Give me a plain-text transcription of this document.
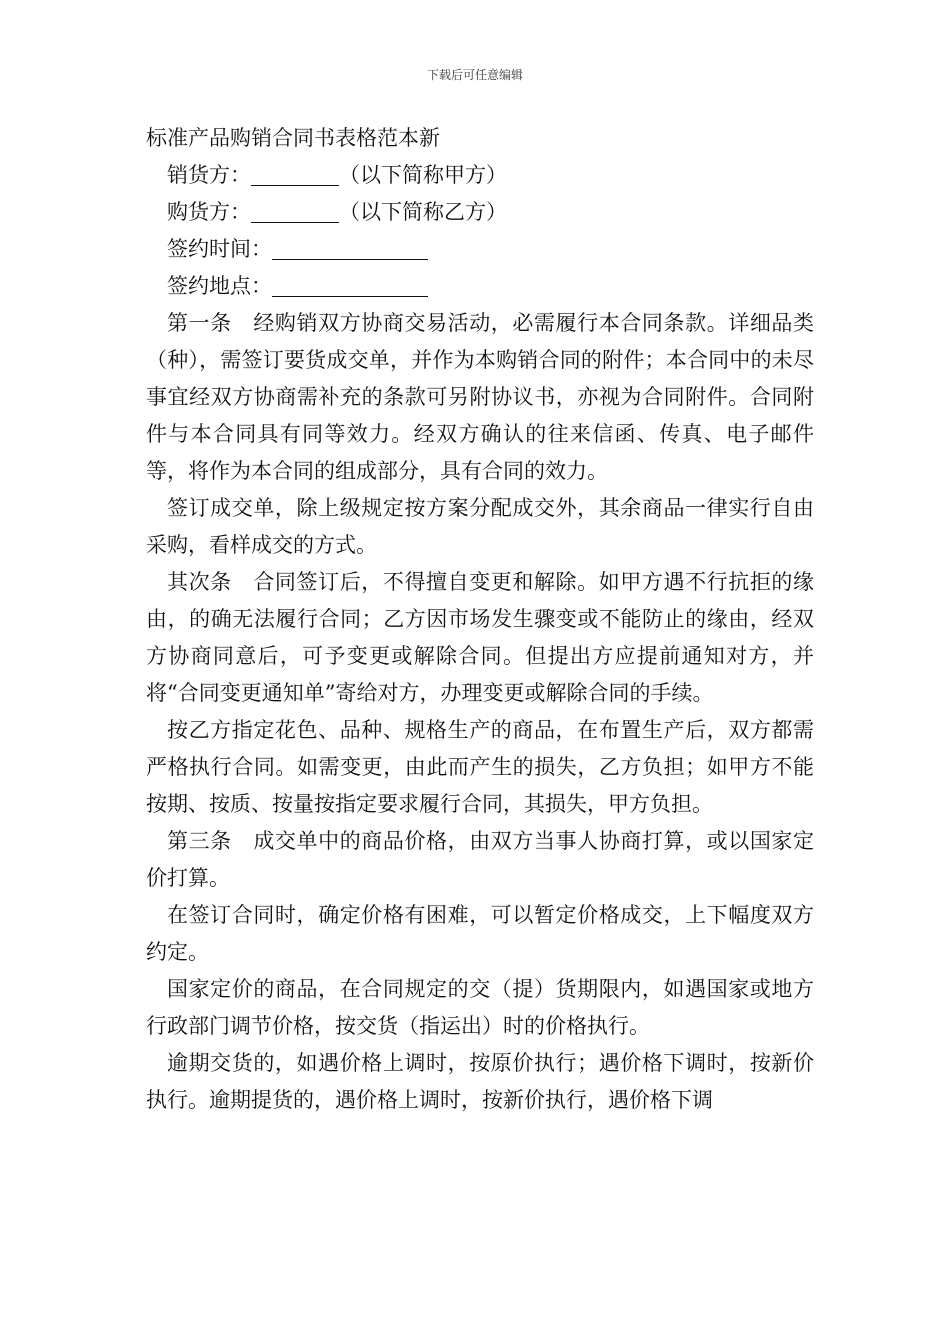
下载后可任意编辑
标准产品购销合同书表格范本新

销货方：	（以下简称甲方）

购货方：	（以下简称乙方）

签约时间：

签约地点：

第一条　经购销双方协商交易活动，必需履行本合同条款。详细品类（种），需签订要货成交单，并作为本购销合同的附件；本合同中的未尽事宜经双方协商需补充的条款可另附协议书，亦视为合同附件。合同附件与本合同具有同等效力。经双方确认的往来信函、传真、电子邮件等，将作为本合同的组成部分，具有合同的效力。

签订成交单，除上级规定按方案分配成交外，其余商品一律实行自由采购，看样成交的方式。

其次条　合同签订后，不得擅自变更和解除。如甲方遇不行抗拒的缘由，的确无法履行合同；乙方因市场发生骤变或不能防止的缘由，经双方协商同意后，可予变更或解除合同。但提出方应提前通知对方，并将“合同变更通知单”寄给对方，办理变更或解除合同的手续。

按乙方指定花色、品种、规格生产的商品，在布置生产后，双方都需严格执行合同。如需变更，由此而产生的损失，乙方负担；如甲方不能按期、按质、按量按指定要求履行合同，其损失，甲方负担。

第三条　成交单中的商品价格，由双方当事人协商打算，或以国家定价打算。

在签订合同时，确定价格有困难，可以暂定价格成交，上下幅度双方约定。

国家定价的商品，在合同规定的交（提）货期限内，如遇国家或地方行政部门调节价格，按交货（指运出）时的价格执行。

逾期交货的，如遇价格上调时，按原价执行；遇价格下调时，按新价执行。逾期提货的，遇价格上调时，按新价执行，遇价格下调
